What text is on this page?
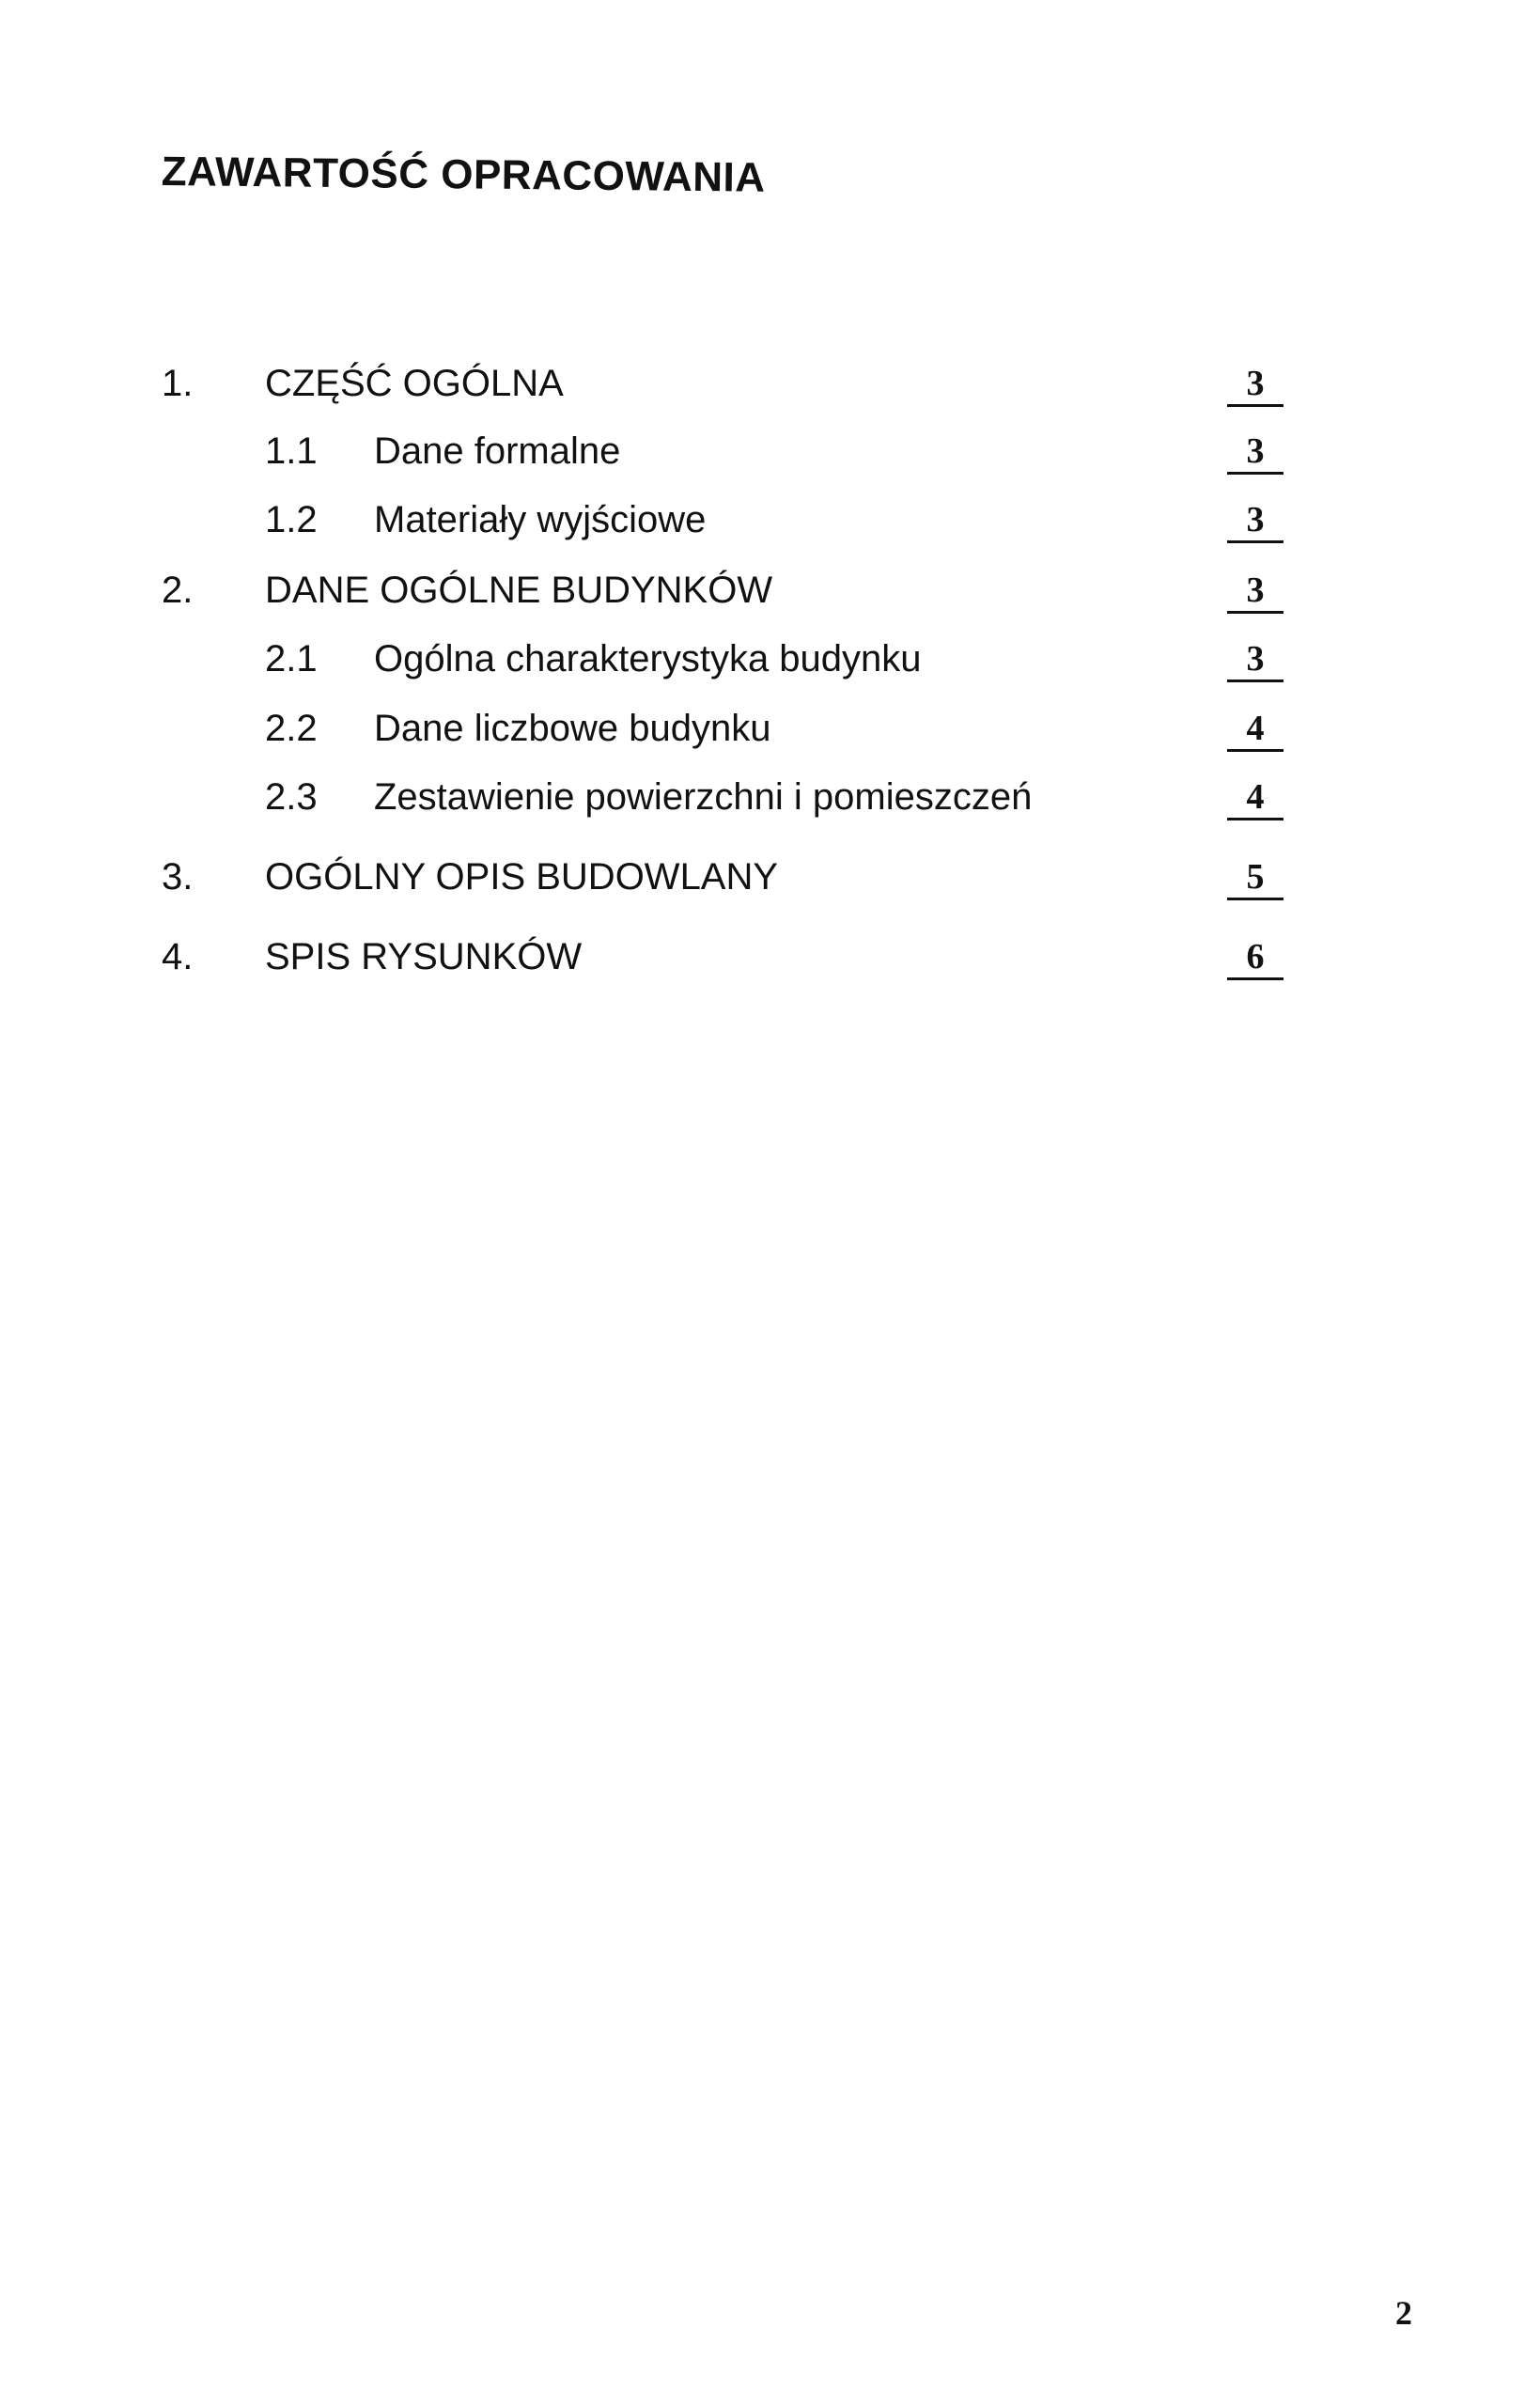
ZAWARTOŚĆ OPRACOWANIA
1. CZĘŚĆ OGÓLNA	3
1.1 Dane formalne	3
1.2 Materiały wyjściowe	3
2. DANE OGÓLNE BUDYNKÓW	3
2.1 Ogólna charakterystyka budynku	3
2.2 Dane liczbowe budynku	4
2.3 Zestawienie powierzchni i pomieszczeń	4
3. OGÓLNY OPIS BUDOWLANY	5
4. SPIS RYSUNKÓW	6
2
